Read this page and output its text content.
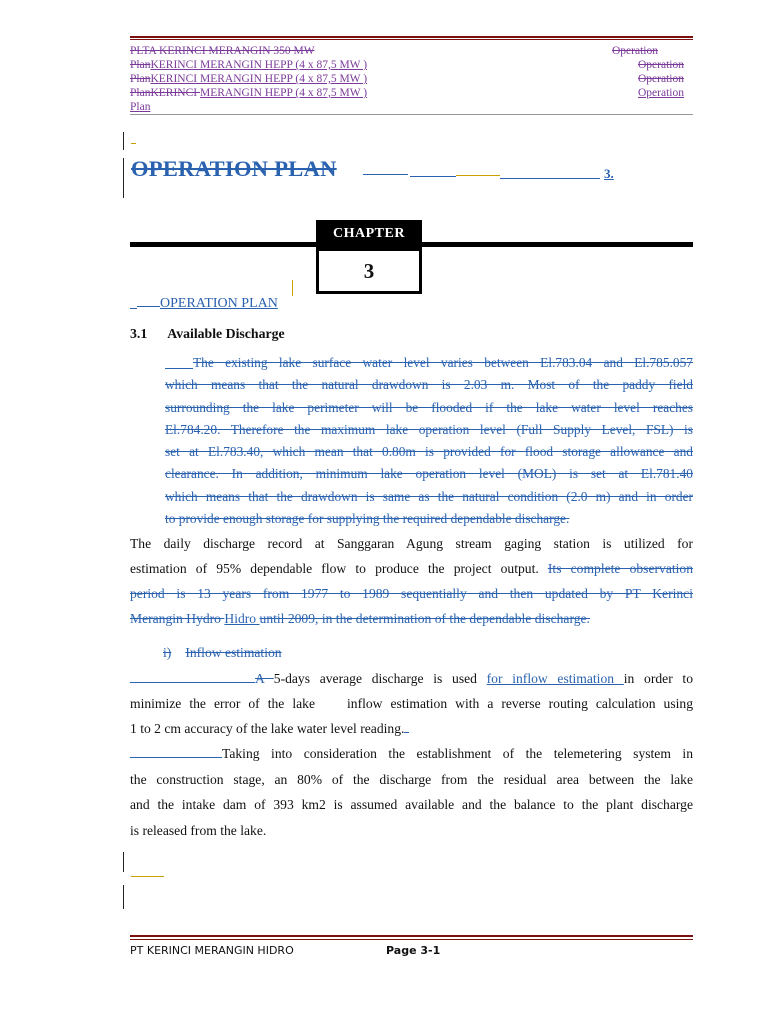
PLTA KERINCI MERANGIN 350 MW	Operation
PlanKERINCI MERANGIN HEPP (4 x 87,5 MW )	Operation
PlanKERINCI MERANGIN HEPP (4 x 87,5 MW )	Operation
PlanKERINCI MERANGIN HEPP (4 x 87,5 MW )	Operation
Plan
OPERATION PLAN	3.
CHAPTER
3

OPERATION PLAN

3.1 Available Discharge
The existing lake surface water level varies between El.783.04 and El.785.057
which means that the natural drawdown is 2.03 m. Most of the paddy field
surrounding the lake perimeter will be flooded if the lake water level reaches
El.784.20. Therefore the maximum lake operation level (Full Supply Level, FSL) is
set at El.783.40, which mean that 0.80m is provided for flood storage allowance and
clearance. In addition, minimum lake operation level (MOL) is set at El.781.40
which means that the drawdown is same as the natural condition (2.0 m) and in order
to provide enough storage for supplying the required dependable discharge.
The daily discharge record at Sanggaran Agung stream gaging station is utilized for
estimation of 95% dependable flow to produce the project output. Its complete observation
period is 13 years from 1977 to 1989 sequentially and then updated by PT Kerinci
Merangin Hydro Hidro until 2009, in the determination of the dependable discharge.
i) Inflow estimation
A 5-days average discharge is used for inflow estimation in order to
minimize the error of the lake    inflow estimation with a reverse routing calculation using
1 to 2 cm accuracy of the lake water level reading.
Taking into consideration the establishment of the telemetering system in
the construction stage, an 80% of the discharge from the residual area between the lake
and the intake dam of 393 km2 is assumed available and the balance to the plant discharge
is released from the lake.
PT KERINCI MERANGIN HIDRO	Page 3-1
